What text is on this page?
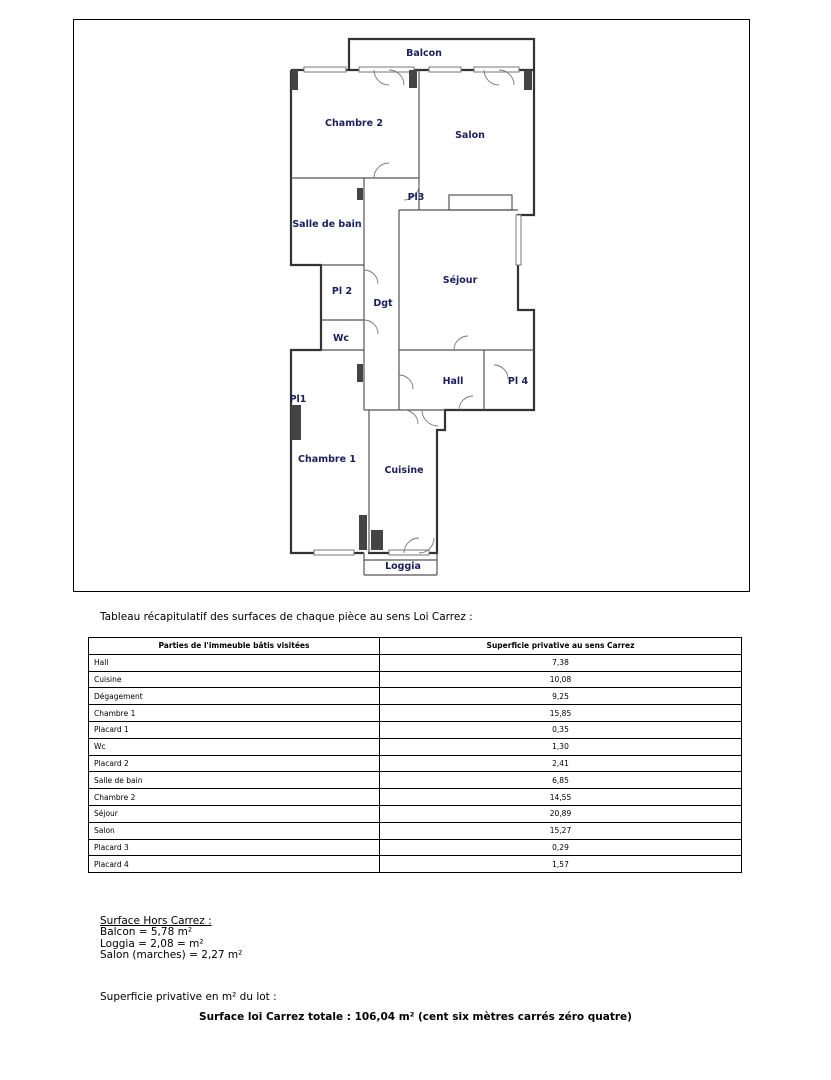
Balcon
Chambre 2
Salon
Pl3
Salle de bain
Séjour
Pl 2
Dgt
Wc
Hall	Pl 4
Pl1
Chambre 1
Cuisine
Loggia
Tableau récapitulatif des surfaces de chaque pièce au sens Loi Carrez :
Parties de l'immeuble bâtis visitées	Superficie privative au sens Carrez
Hall	7,38
Cuisine	10,08
Dégagement	9,25
Chambre 1	15,85
Placard 1	0,35
Wc	1,30
Placard 2	2,41
Salle de bain	6,85
Chambre 2	14,55
Séjour	20,89
Salon	15,27
Placard 3	0,29
Placard 4	1,57
Surface Hors Carrez :
Balcon = 5,78 m²
Loggia = 2,08 = m²
Salon (marches) = 2,27 m²
Superficie privative en m² du lot :
Surface loi Carrez totale : 106,04 m² (cent six mètres carrés zéro quatre)
